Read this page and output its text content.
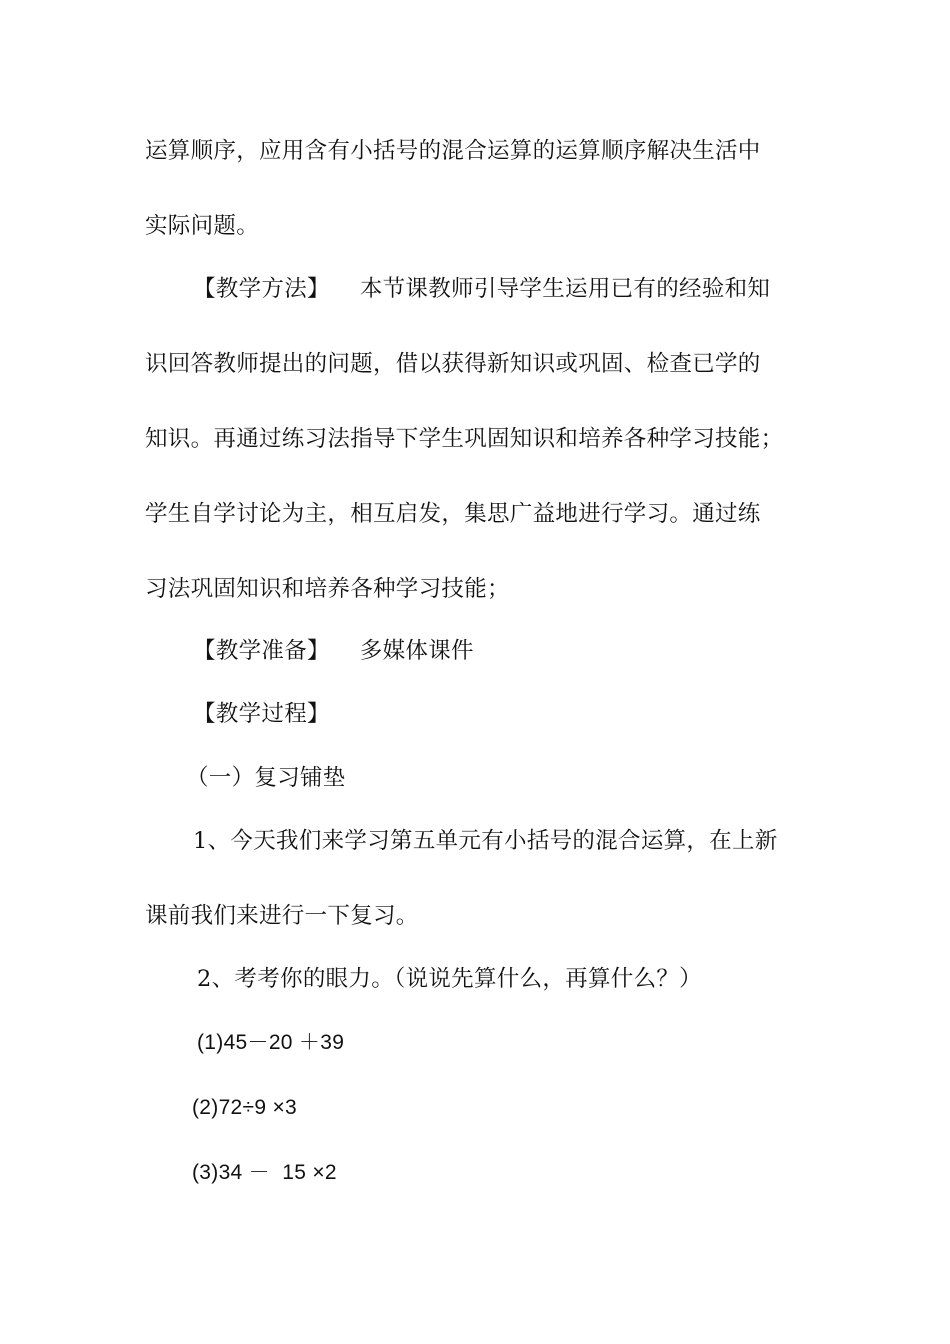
运算顺序，应用含有小括号的混合运算的运算顺序解决生活中
实际问题。
【教学方法】 本节课教师引导学生运用已有的经验和知
识回答教师提出的问题，借以获得新知识或巩固、检查已学的
知识。再通过练习法指导下学生巩固知识和培养各种学习技能；
学生自学讨论为主，相互启发，集思广益地进行学习。通过练
习法巩固知识和培养各种学习技能；
【教学准备】 多媒体课件
【教学过程】
（一）复习铺垫
1、今天我们来学习第五单元有小括号的混合运算，在上新
课前我们来进行一下复习。
2、考考你的眼力。（说说先算什么，再算什么？）
(1)45－20 ＋39
(2)72÷9 ×3
(3)34 －  15 ×2
